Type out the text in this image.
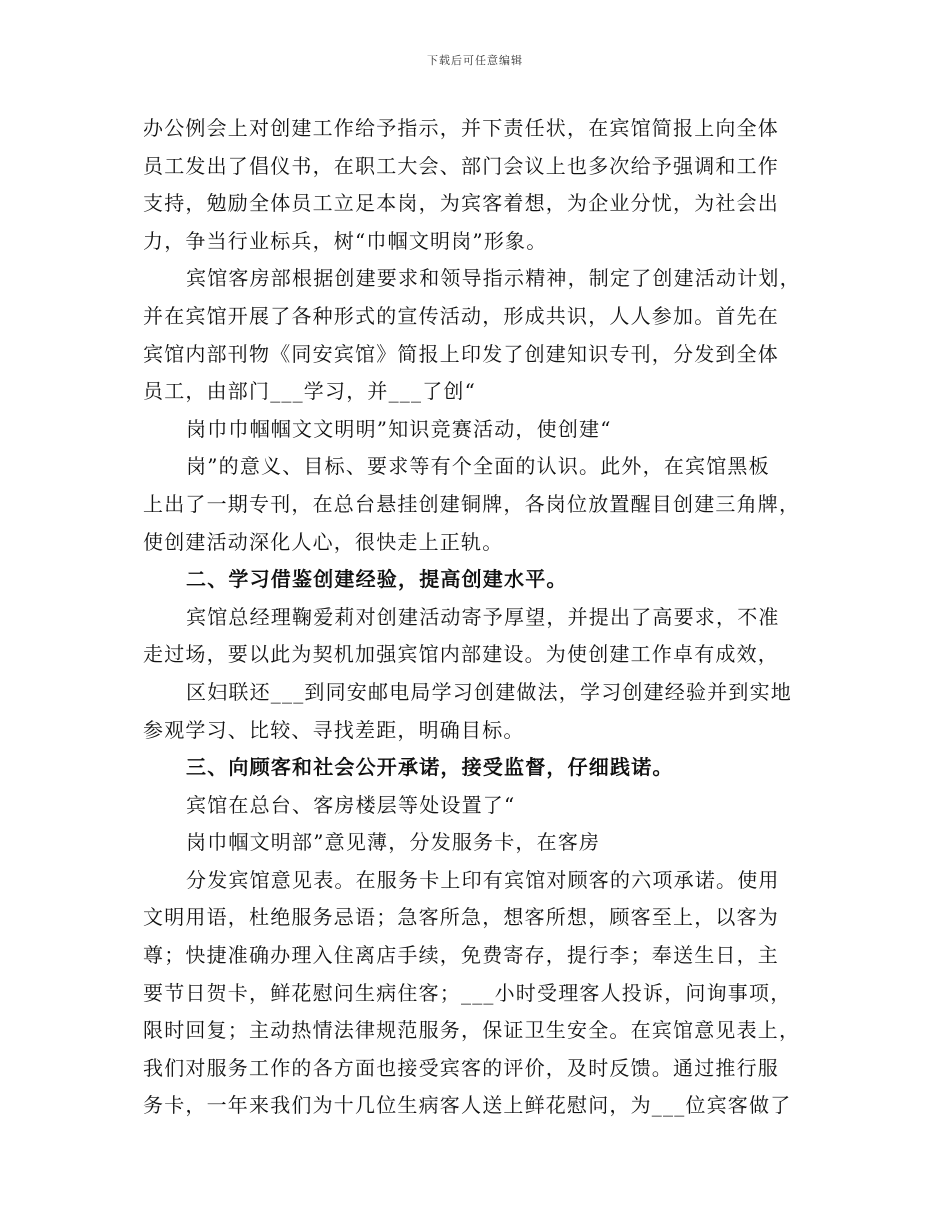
下载后可任意编辑
办公例会上对创建工作给予指示，并下责任状，在宾馆简报上向全体
员工发出了倡仪书，在职工大会、部门会议上也多次给予强调和工作
支持，勉励全体员工立足本岗，为宾客着想，为企业分忧，为社会出
力，争当行业标兵，树“巾帼文明岗”形象。
宾馆客房部根据创建要求和领导指示精神，制定了创建活动计划，
并在宾馆开展了各种形式的宣传活动，形成共识，人人参加。首先在
宾馆内部刊物《同安宾馆》简报上印发了创建知识专刊，分发到全体
员工，由部门___学习，并___了创“
岗巾巾帼帼文文明明”知识竞赛活动，使创建“
岗”的意义、目标、要求等有个全面的认识。此外，在宾馆黑板
上出了一期专刊，在总台悬挂创建铜牌，各岗位放置醒目创建三角牌，
使创建活动深化人心，很快走上正轨。
二、学习借鉴创建经验，提高创建水平。
宾馆总经理鞠爱莉对创建活动寄予厚望，并提出了高要求，不准
走过场，要以此为契机加强宾馆内部建设。为使创建工作卓有成效，
区妇联还___到同安邮电局学习创建做法，学习创建经验并到实地
参观学习、比较、寻找差距，明确目标。
三、向顾客和社会公开承诺，接受监督，仔细践诺。
宾馆在总台、客房楼层等处设置了“
岗巾帼文明部”意见薄，分发服务卡，在客房
分发宾馆意见表。在服务卡上印有宾馆对顾客的六项承诺。使用
文明用语，杜绝服务忌语；急客所急，想客所想，顾客至上，以客为
尊；快捷准确办理入住离店手续，免费寄存，提行李；奉送生日，主
要节日贺卡，鲜花慰问生病住客；___小时受理客人投诉，问询事项，
限时回复；主动热情法律规范服务，保证卫生安全。在宾馆意见表上，
我们对服务工作的各方面也接受宾客的评价，及时反馈。通过推行服
务卡，一年来我们为十几位生病客人送上鲜花慰问，为___位宾客做了
